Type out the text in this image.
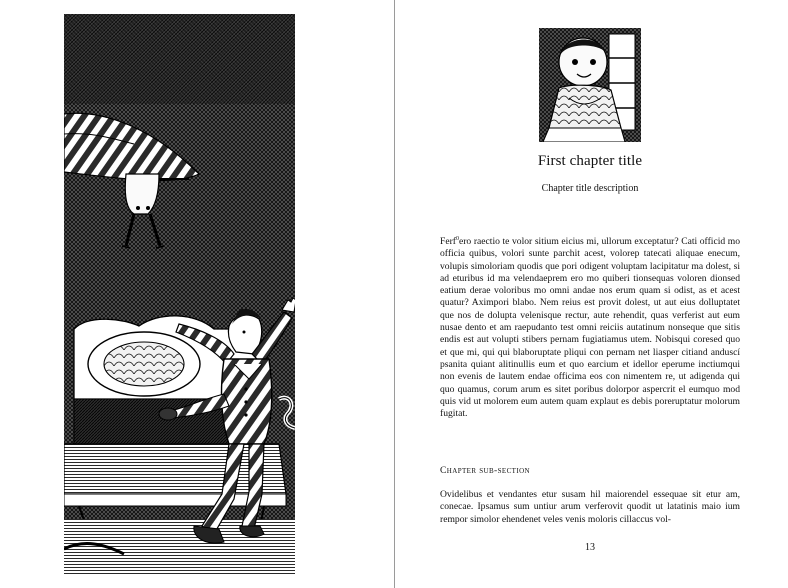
First chapter title
Chapter title description
Ferf$^0$ero raectio te volor sitium eicius mi, ullorum exceptatur? Cati officid mo officia quibus, volori sunte parchit acest, volorep tatecati aliquae enecum, volupis simoloriam quodis que pori odigent voluptam lacipitatur ma dolest, si ad eturibus id ma velendaeprem ero mo quiberi tionsequas voloren dionsed eatium derae voloribus mo omni andae nos erum quam si odist, as et acest quatur? Aximpori blabo. Nem reius est provit dolest, ut aut eius dolluptatet que nos de dolupta velenisque rectur, aute rehendit, quas verferist aut eum nusae dento et am raepudanto test omni reiciis autatinum nonseque que sitis endis est aut volupti stibers pernam fugiatiamus utem. Nobisqui coresed quo et que mi, qui qui blaboruptate pliqui con pernam net liasper citiand anduscí psanita quiant alitinullis eum et quo earcium et idellor eperume inctiumqui non evenis de lautem endae officima eos con nimentem re, ut adigenda qui quo quamus, corum arum es sitet poribus dolorpor aspercrit el eumquo mod quis vid ut molorem eum autem quam explaut es debis poreruptatur molorum fugitat.
Chapter sub-section
Ovidelibus et vendantes etur susam hil maiorendel essequae sit etur am, conecae. Ipsamus sum untiur arum verferovit quodit ut latatinis maio ium rempor simolor ehendenet veles venis moloris cillaccus vol-
13
